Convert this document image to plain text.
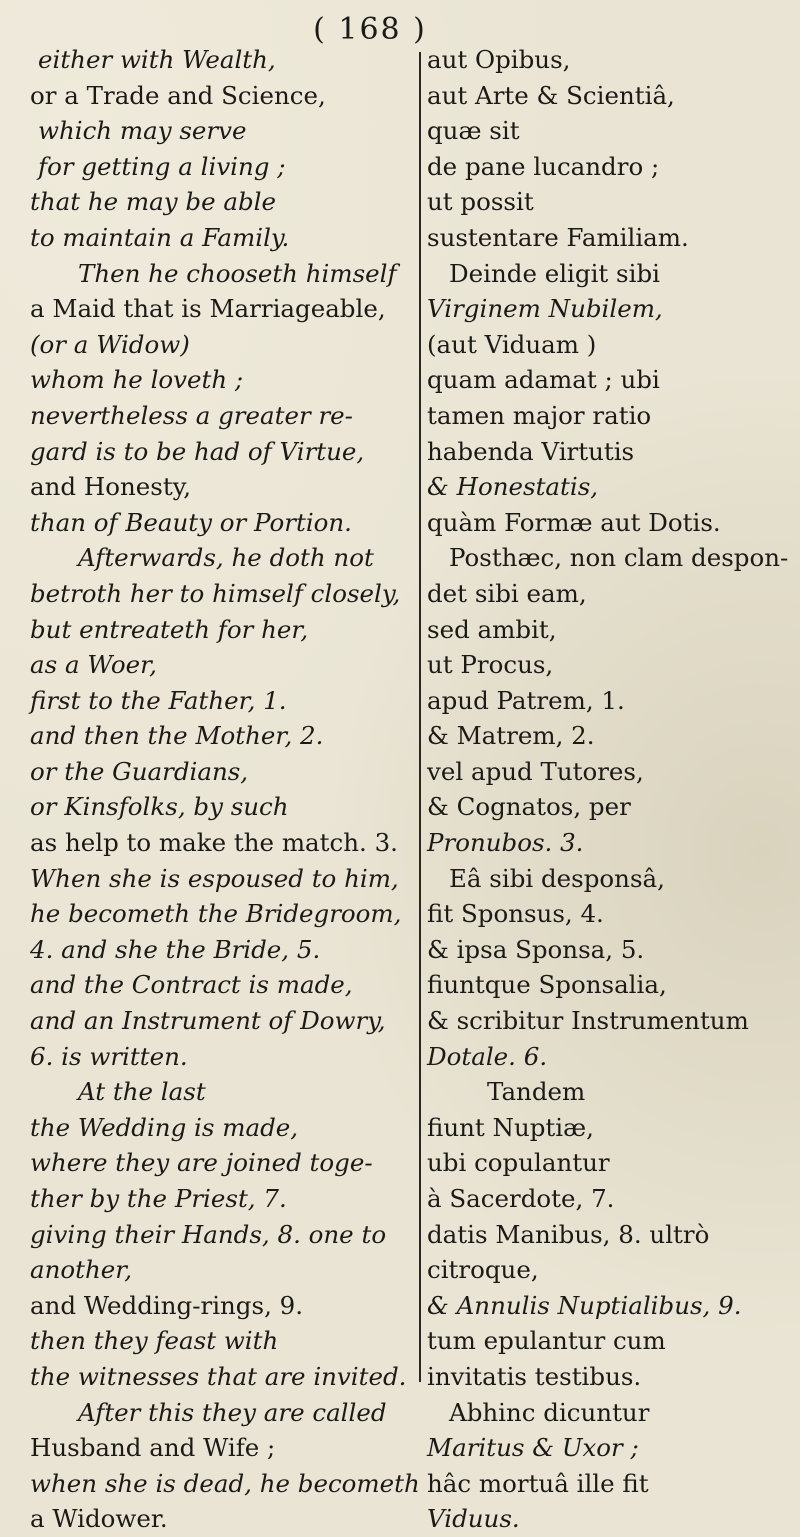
( 168 )
either with Wealth,
or a Trade and Science,
which may serve
for getting a living ;
that he may be able
to maintain a Family.
Then he chooseth himself
a Maid that is Marriageable,
(or a Widow)
whom he loveth ;
nevertheless a greater re-
gard is to be had of Virtue,
and Honesty,
than of Beauty or Portion.
Afterwards, he doth not
betroth her to himself closely,
but entreateth for her,
as a Woer,
first to the Father, 1.
and then the Mother, 2.
or the Guardians,
or Kinsfolks, by such
as help to make the match. 3.
When she is espoused to him,
he becometh the Bridegroom,
4. and she the Bride, 5.
and the Contract is made,
and an Instrument of Dowry,
6. is written.
At the last
the Wedding is made,
where they are joined toge-
ther by the Priest, 7.
giving their Hands, 8. one to
another,
and Wedding-rings, 9.
then they feast with
the witnesses that are invited.
After this they are called
Husband and Wife ;
when she is dead, he becometh
a Widower.
aut Opibus,
aut Arte & Scientiâ,
quæ sit
de pane lucandro ;
ut possit
sustentare Familiam.
Deinde eligit sibi
Virginem Nubilem,
(aut Viduam )
quam adamat ; ubi
tamen major ratio
habenda Virtutis
& Honestatis,
quàm Formæ aut Dotis.
Posthæc, non clam despon-
det sibi eam,
sed ambit,
ut Procus,
apud Patrem, 1.
& Matrem, 2.
vel apud Tutores,
& Cognatos, per
Pronubos. 3.
Eâ sibi desponsâ,
fit Sponsus, 4.
& ipsa Sponsa, 5.
fiuntque Sponsalia,
& scribitur Instrumentum
Dotale. 6.
Tandem
fiunt Nuptiæ,
ubi copulantur
à Sacerdote, 7.
datis Manibus, 8. ultrò
citroque,
& Annulis Nuptialibus, 9.
tum epulantur cum
invitatis testibus.
Abhinc dicuntur
Maritus & Uxor ;
hâc mortuâ ille fit
Viduus.
